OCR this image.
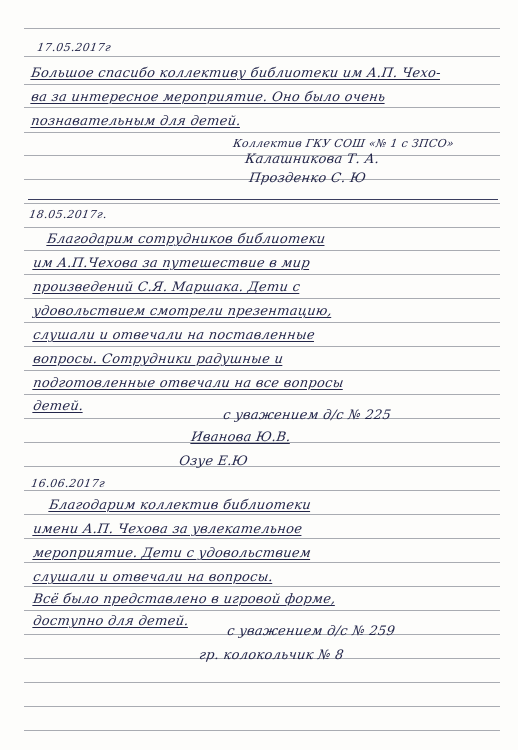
17.05.2017г
Большое спасибо коллективу библиотеки им А.П. Чехо-
ва за интересное мероприятие. Оно было очень
познавательным для детей.
Коллектив ГКУ СОШ «№ 1 с ЗПСО»
Калашникова Т. А.
Прозденко С. Ю
18.05.2017г.
Благодарим сотрудников библиотеки
им А.П.Чехова за путешествие в мир
произведений С.Я. Маршака. Дети с
удовольствием смотрели презентацию,
слушали и отвечали на поставленные
вопросы. Сотрудники радушные и
подготовленные отвечали на все вопросы
детей.
с уважением д/с № 225
Иванова Ю.В.
Озуе Е.Ю
16.06.2017г
Благодарим коллектив библиотеки
имени А.П. Чехова за увлекательное
мероприятие. Дети с удовольствием
слушали и отвечали на вопросы.
Всё было представлено в игровой форме,
доступно для детей.
с уважением д/с № 259
гр. колокольчик № 8
